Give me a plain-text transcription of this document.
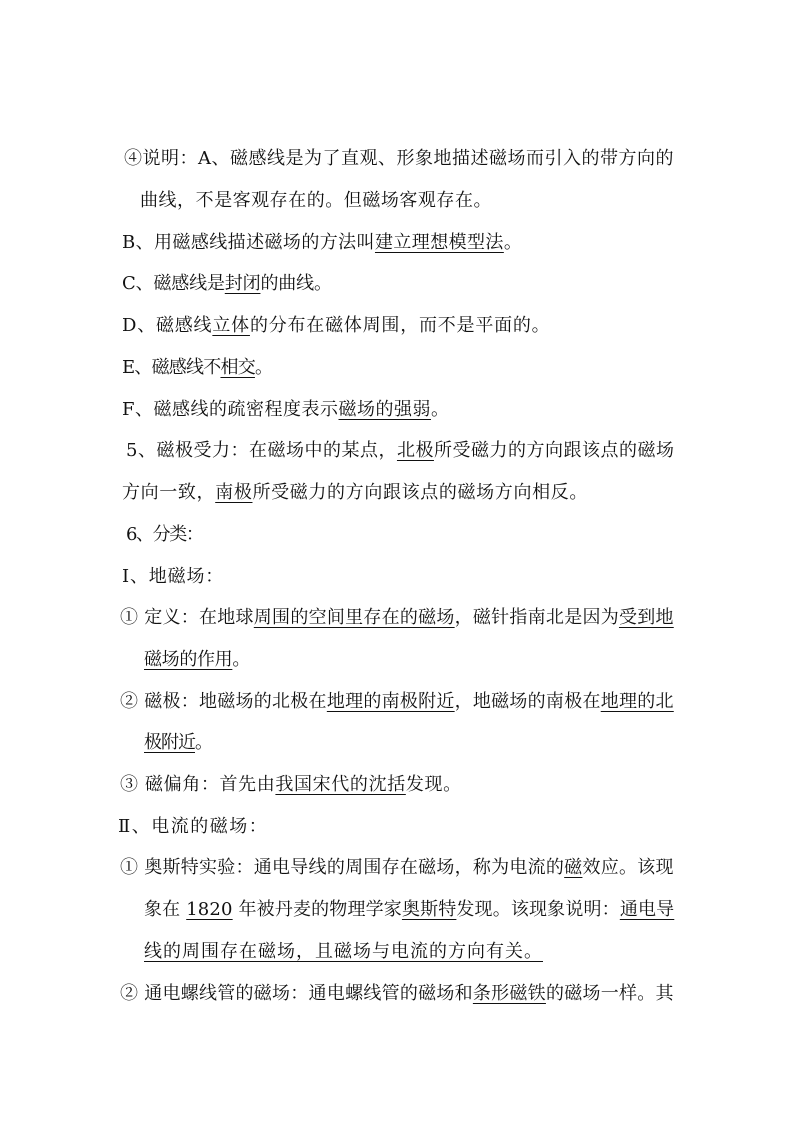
④说明：A、磁感线是为了直观、形象地描述磁场而引入的带方向的
曲线，不是客观存在的。但磁场客观存在。
B、用磁感线描述磁场的方法叫建立理想模型法。
C、磁感线是封闭的曲线。
D、磁感线立体的分布在磁体周围，而不是平面的。
E、磁感线不相交。
F、磁感线的疏密程度表示磁场的强弱。
5、磁极受力：在磁场中的某点，北极所受磁力的方向跟该点的磁场
方向一致，南极所受磁力的方向跟该点的磁场方向相反。
6、分类：
Ⅰ、地磁场：
① 定义：在地球周围的空间里存在的磁场，磁针指南北是因为受到地
磁场的作用。
② 磁极：地磁场的北极在地理的南极附近，地磁场的南极在地理的北
极附近。
③ 磁偏角：首先由我国宋代的沈括发现。
Ⅱ、电流的磁场：
① 奥斯特实验：通电导线的周围存在磁场，称为电流的磁效应。该现
象在 1820 年被丹麦的物理学家奥斯特发现。该现象说明：通电导
线的周围存在磁场，且磁场与电流的方向有关。
② 通电螺线管的磁场：通电螺线管的磁场和条形磁铁的磁场一样。其
